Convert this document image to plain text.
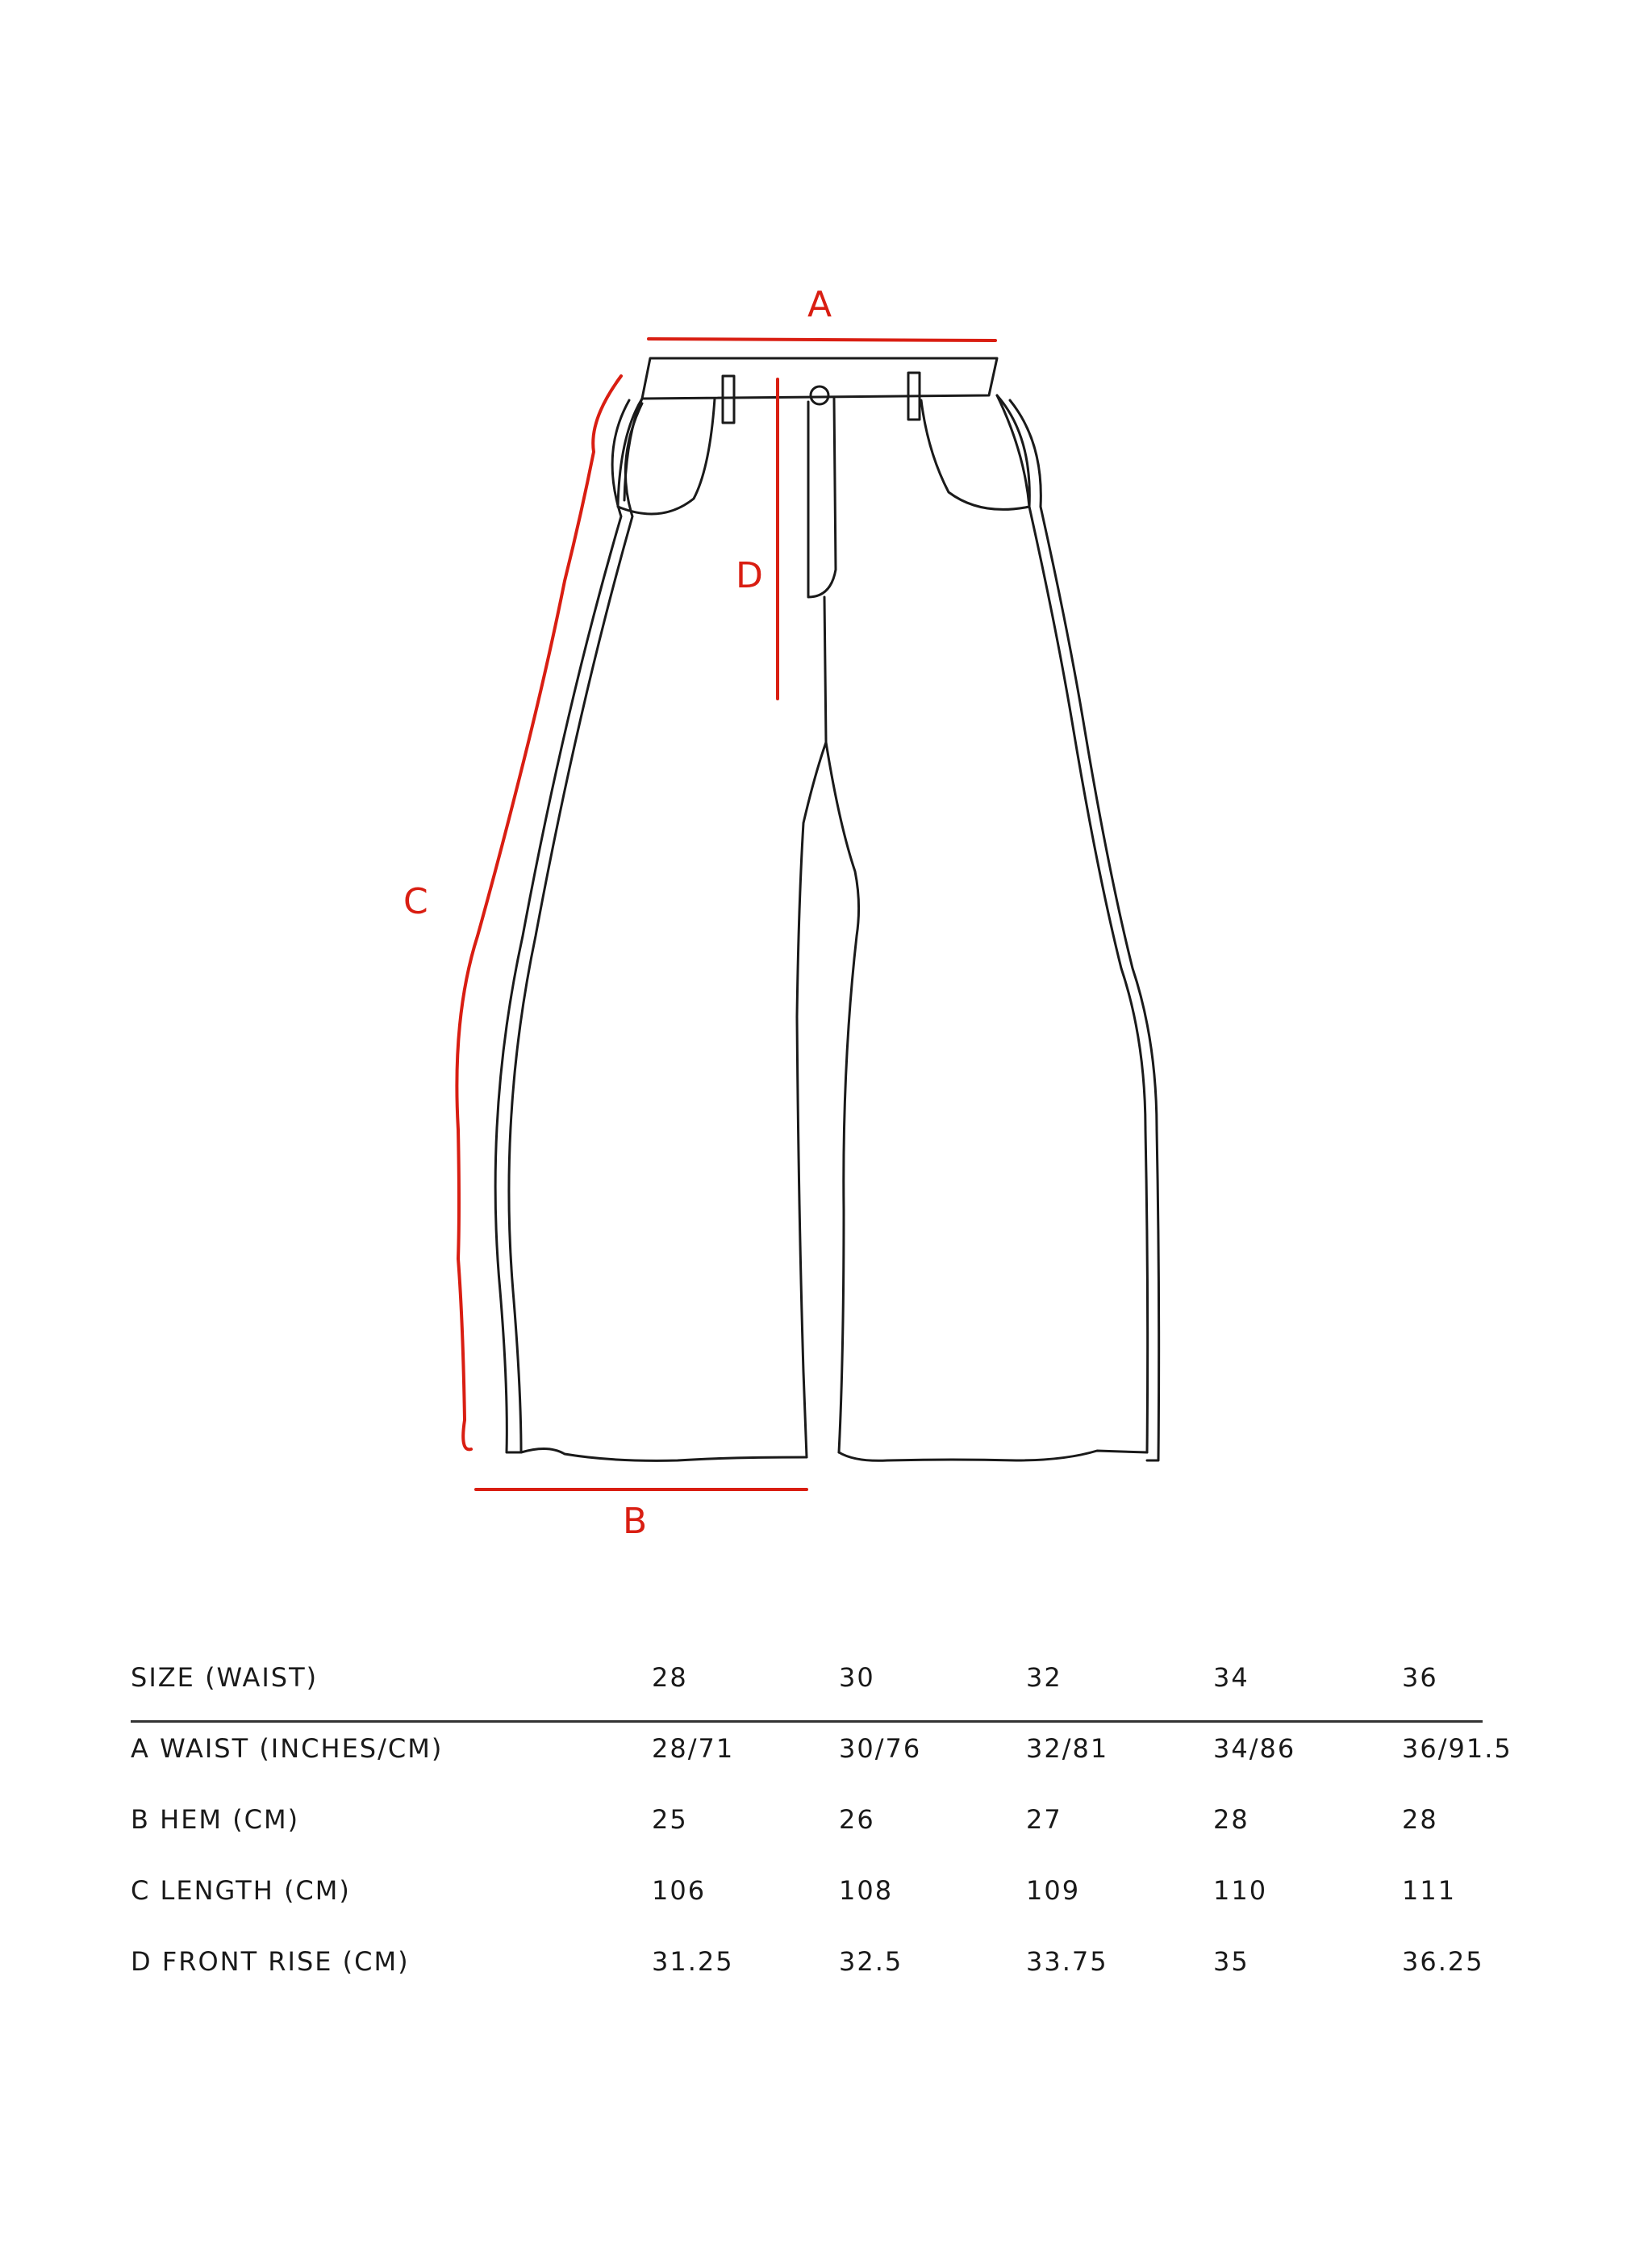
A
B
C
D
SIZE (WAIST)	28	30	32	34	36
A WAIST (INCHES/CM)	28/71	30/76	32/81	34/86	36/91.5
B HEM (CM)	25	26	27	28	28
C LENGTH (CM)	106	108	109	110	111
D FRONT RISE (CM)	31.25	32.5	33.75	35	36.25
